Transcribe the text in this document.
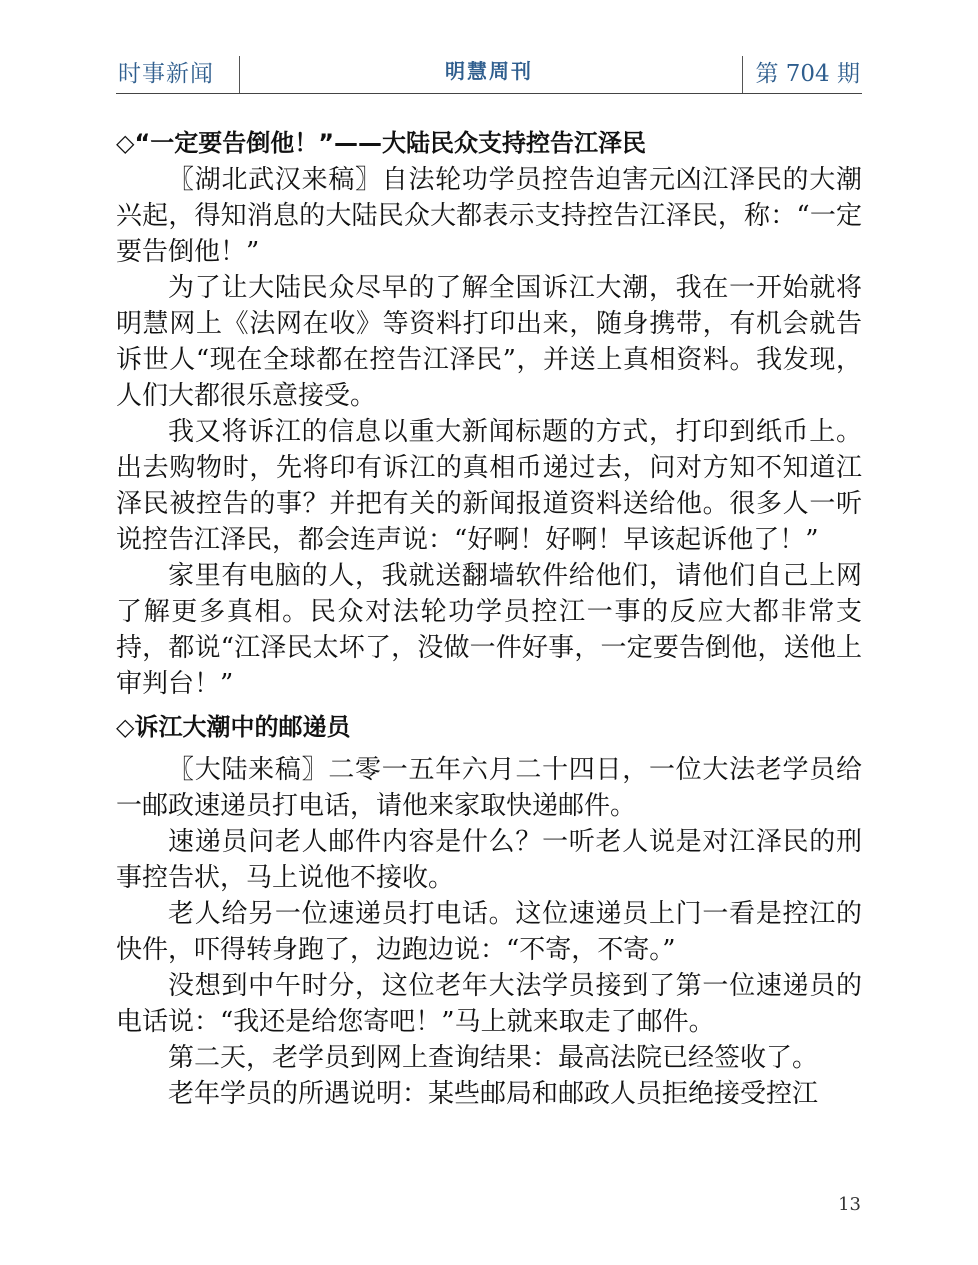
时事新闻	明慧周刊	第 704 期
◇“一定要告倒他！”——大陆民众支持控告江泽民

〖湖北武汉来稿〗自法轮功学员控告迫害元凶江泽民的大潮兴起，得知消息的大陆民众大都表示支持控告江泽民，称：“一定要告倒他！”

为了让大陆民众尽早的了解全国诉江大潮，我在一开始就将明慧网上《法网在收》等资料打印出来，随身携带，有机会就告诉世人“现在全球都在控告江泽民”，并送上真相资料。我发现，人们大都很乐意接受。

我又将诉江的信息以重大新闻标题的方式，打印到纸币上。出去购物时，先将印有诉江的真相币递过去，问对方知不知道江泽民被控告的事？并把有关的新闻报道资料送给他。很多人一听说控告江泽民，都会连声说：“好啊！好啊！早该起诉他了！”

家里有电脑的人，我就送翻墙软件给他们，请他们自己上网了解更多真相。民众对法轮功学员控江一事的反应大都非常支持，都说“江泽民太坏了，没做一件好事，一定要告倒他，送他上审判台！”

◇诉江大潮中的邮递员

〖大陆来稿〗二零一五年六月二十四日，一位大法老学员给一邮政速递员打电话，请他来家取快递邮件。

速递员问老人邮件内容是什么？一听老人说是对江泽民的刑事控告状，马上说他不接收。

老人给另一位速递员打电话。这位速递员上门一看是控江的快件，吓得转身跑了，边跑边说：“不寄，不寄。”

没想到中午时分，这位老年大法学员接到了第一位速递员的电话说：“我还是给您寄吧！”马上就来取走了邮件。

第二天，老学员到网上查询结果：最高法院已经签收了。

老年学员的所遇说明：某些邮局和邮政人员拒绝接受控江

13
